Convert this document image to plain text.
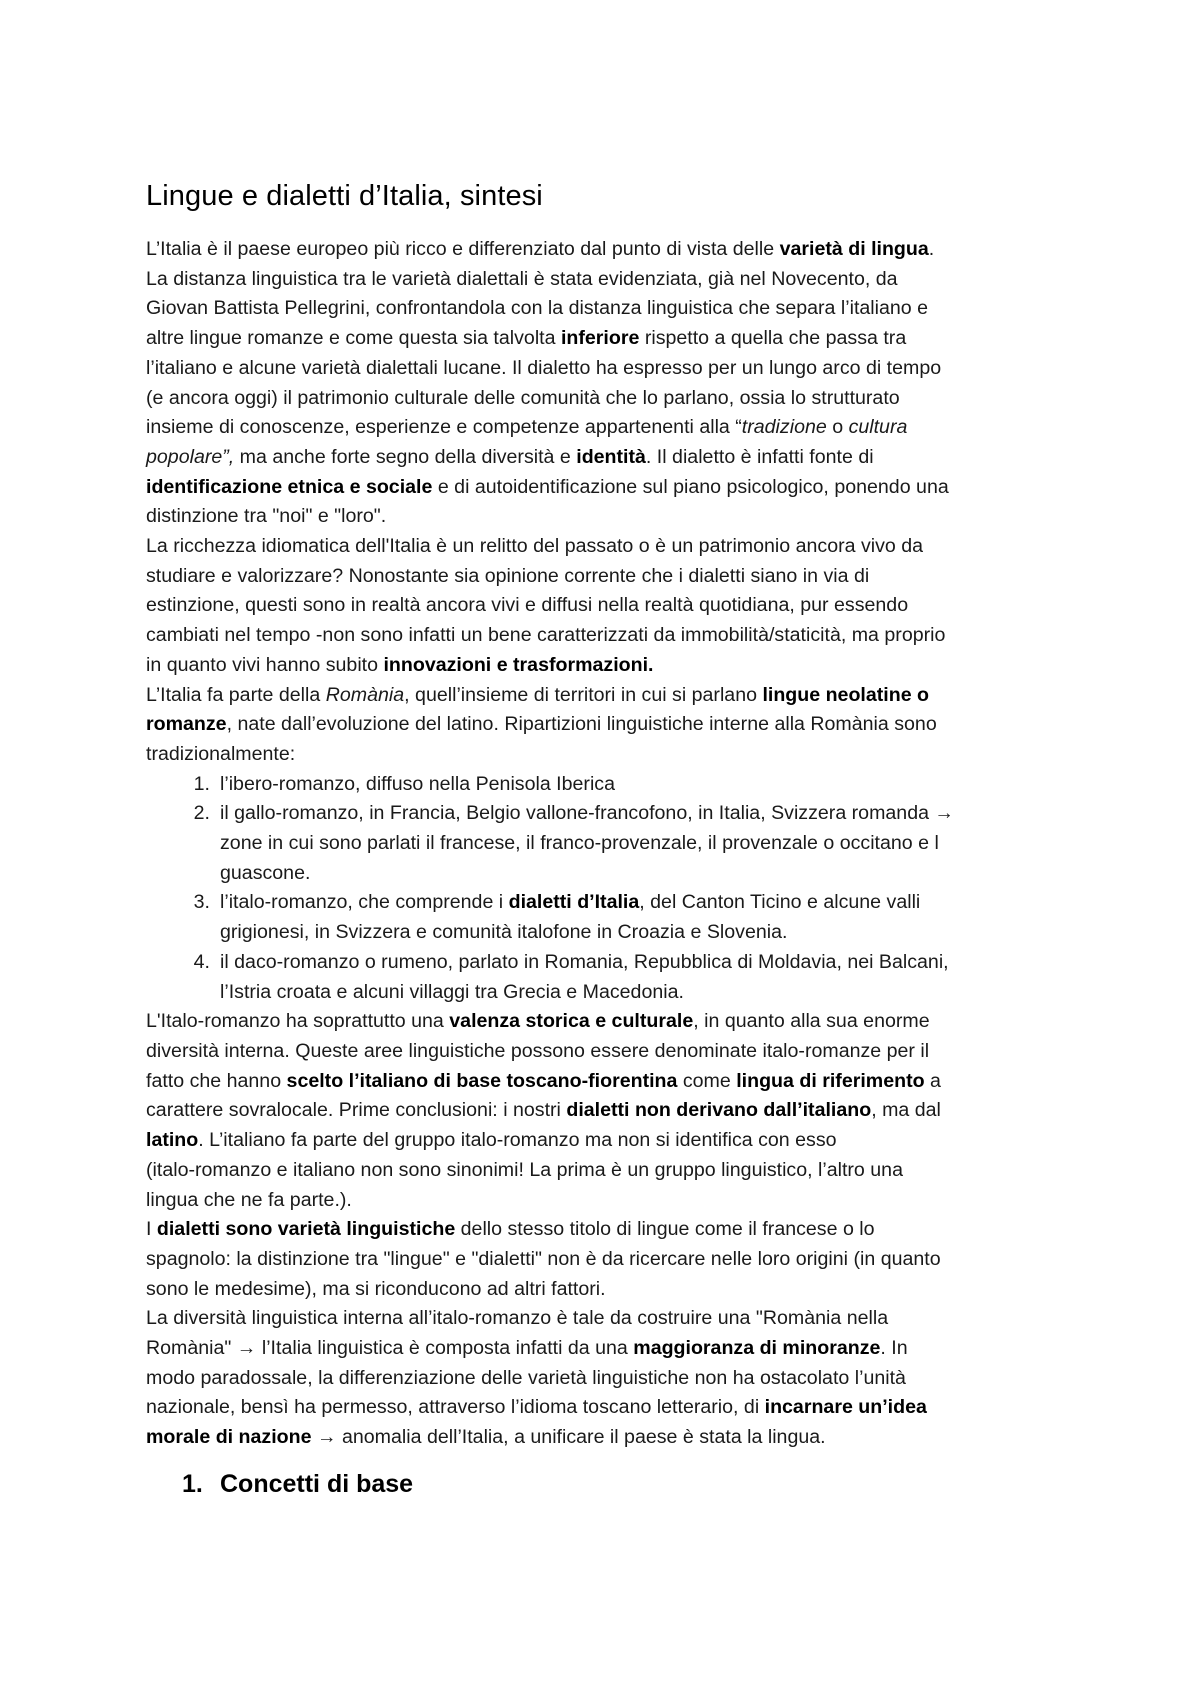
Lingue e dialetti d’Italia, sintesi

L’Italia è il paese europeo più ricco e differenziato dal punto di vista delle varietà di lingua.

La distanza linguistica tra le varietà dialettali è stata evidenziata, già nel Novecento, da

Giovan Battista Pellegrini, confrontandola con la distanza linguistica che separa l’italiano e

altre lingue romanze e come questa sia talvolta inferiore rispetto a quella che passa tra

l’italiano e alcune varietà dialettali lucane. Il dialetto ha espresso per un lungo arco di tempo

(e ancora oggi) il patrimonio culturale delle comunità che lo parlano, ossia lo strutturato

insieme di conoscenze, esperienze e competenze appartenenti alla “tradizione o cultura

popolare”, ma anche forte segno della diversità e identità. Il dialetto è infatti fonte di

identificazione etnica e sociale e di autoidentificazione sul piano psicologico, ponendo una

distinzione tra "noi" e "loro".

La ricchezza idiomatica dell'Italia è un relitto del passato o è un patrimonio ancora vivo da

studiare e valorizzare? Nonostante sia opinione corrente che i dialetti siano in via di

estinzione, questi sono in realtà ancora vivi e diffusi nella realtà quotidiana, pur essendo

cambiati nel tempo -non sono infatti un bene caratterizzati da immobilità/staticità, ma proprio

in quanto vivi hanno subito innovazioni e trasformazioni.

L’Italia fa parte della Romània, quell’insieme di territori in cui si parlano lingue neolatine o

romanze, nate dall’evoluzione del latino. Ripartizioni linguistiche interne alla Romània sono

tradizionalmente:

1. l’ibero-romanzo, diffuso nella Penisola Iberica

2. il gallo-romanzo, in Francia, Belgio vallone-francofono, in Italia, Svizzera romanda →

zone in cui sono parlati il francese, il franco-provenzale, il provenzale o occitano e l

guascone.

3. l’italo-romanzo, che comprende i dialetti d’Italia, del Canton Ticino e alcune valli

grigionesi, in Svizzera e comunità italofone in Croazia e Slovenia.

4. il daco-romanzo o rumeno, parlato in Romania, Repubblica di Moldavia, nei Balcani,

l’Istria croata e alcuni villaggi tra Grecia e Macedonia.

L'Italo-romanzo ha soprattutto una valenza storica e culturale, in quanto alla sua enorme

diversità interna. Queste aree linguistiche possono essere denominate italo-romanze per il

fatto che hanno scelto l’italiano di base toscano-fiorentina come lingua di riferimento a

carattere sovralocale. Prime conclusioni: i nostri dialetti non derivano dall’italiano, ma dal

latino. L’italiano fa parte del gruppo italo-romanzo ma non si identifica con esso

(italo-romanzo e italiano non sono sinonimi! La prima è un gruppo linguistico, l’altro una

lingua che ne fa parte.).

I dialetti sono varietà linguistiche dello stesso titolo di lingue come il francese o lo

spagnolo: la distinzione tra "lingue" e "dialetti" non è da ricercare nelle loro origini (in quanto

sono le medesime), ma si riconducono ad altri fattori.

La diversità linguistica interna all’italo-romanzo è tale da costruire una "Romània nella

Romània" → l’Italia linguistica è composta infatti da una maggioranza di minoranze. In

modo paradossale, la differenziazione delle varietà linguistiche non ha ostacolato l’unità

nazionale, bensì ha permesso, attraverso l’idioma toscano letterario, di incarnare un’idea

morale di nazione → anomalia dell’Italia, a unificare il paese è stata la lingua.

1. Concetti di base
